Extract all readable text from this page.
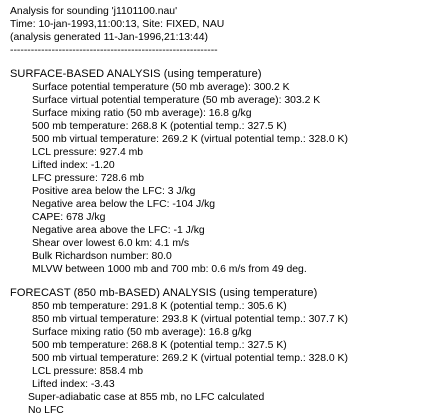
Analysis for sounding 'j1101100.nau'
Time: 10-jan-1993,11:00:13, Site: FIXED, NAU
(analysis generated 11-Jan-1996,21:13:44)
------------------------------------------------------------
SURFACE-BASED ANALYSIS (using temperature)
Surface potential temperature (50 mb average): 300.2 K
Surface virtual potential temperature (50 mb average): 303.2 K
Surface mixing ratio (50 mb average): 16.8 g/kg
500 mb temperature: 268.8 K (potential temp.: 327.5 K)
500 mb virtual temperature: 269.2 K (virtual potential temp.: 328.0 K)
LCL pressure: 927.4 mb
Lifted index: -1.20
LFC pressure: 728.6 mb
Positive area below the LFC: 3 J/kg
Negative area below the LFC: -104 J/kg
CAPE: 678 J/kg
Negative area above the LFC: -1 J/kg
Shear over lowest 6.0 km: 4.1 m/s
Bulk Richardson number: 80.0
MLVW between 1000 mb and 700 mb: 0.6 m/s from 49 deg.
FORECAST (850 mb-BASED) ANALYSIS (using temperature)
850 mb temperature: 291.8 K (potential temp.: 305.6 K)
850 mb virtual temperature: 293.8 K (virtual potential temp.: 307.7 K)
Surface mixing ratio (50 mb average): 16.8 g/kg
500 mb temperature: 268.8 K (potential temp.: 327.5 K)
500 mb virtual temperature: 269.2 K (virtual potential temp.: 328.0 K)
LCL pressure: 858.4 mb
Lifted index: -3.43
Super-adiabatic case at 855 mb, no LFC calculated
No LFC
